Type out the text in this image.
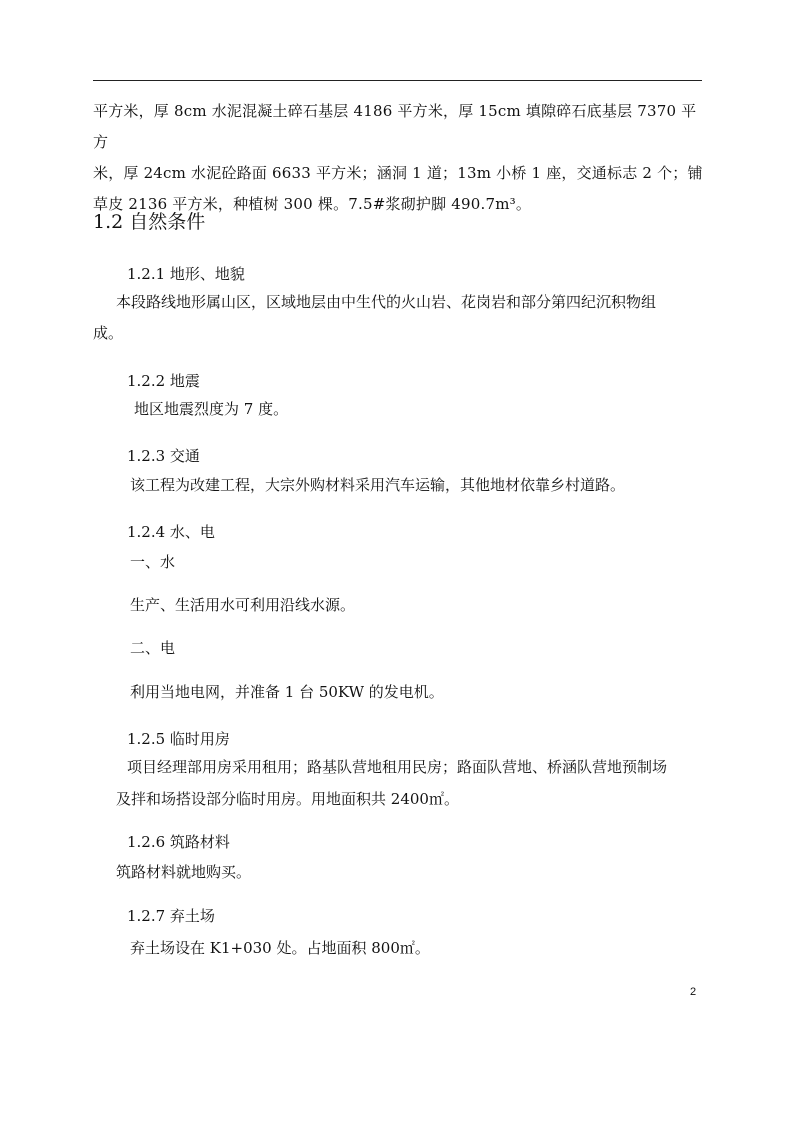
平方米，厚 8cm 水泥混凝土碎石基层 4186 平方米，厚 15cm 填隙碎石底基层 7370 平方

米，厚 24cm 水泥砼路面 6633 平方米；涵洞 1 道；13m 小桥 1 座，交通标志 2 个；铺

草皮 2136 平方米，种植树 300 棵。7.5#浆砌护脚 490.7m³。

1.2 自然条件
1.2.1 地形、地貌

本段路线地形属山区，区域地层由中生代的火山岩、花岗岩和部分第四纪沉积物组

成。

1.2.2 地震

地区地震烈度为 7 度。

1.2.3 交通

该工程为改建工程，大宗外购材料采用汽车运输，其他地材依靠乡村道路。

1.2.4 水、电

一、水

生产、生活用水可利用沿线水源。

二、电

利用当地电网，并准备 1 台 50KW 的发电机。

1.2.5 临时用房

项目经理部用房采用租用；路基队营地租用民房；路面队营地、桥涵队营地预制场

及拌和场搭设部分临时用房。用地面积共 2400㎡。

1.2.6 筑路材料

筑路材料就地购买。

1.2.7 弃土场

弃土场设在 K1+030 处。占地面积 800㎡。

2
